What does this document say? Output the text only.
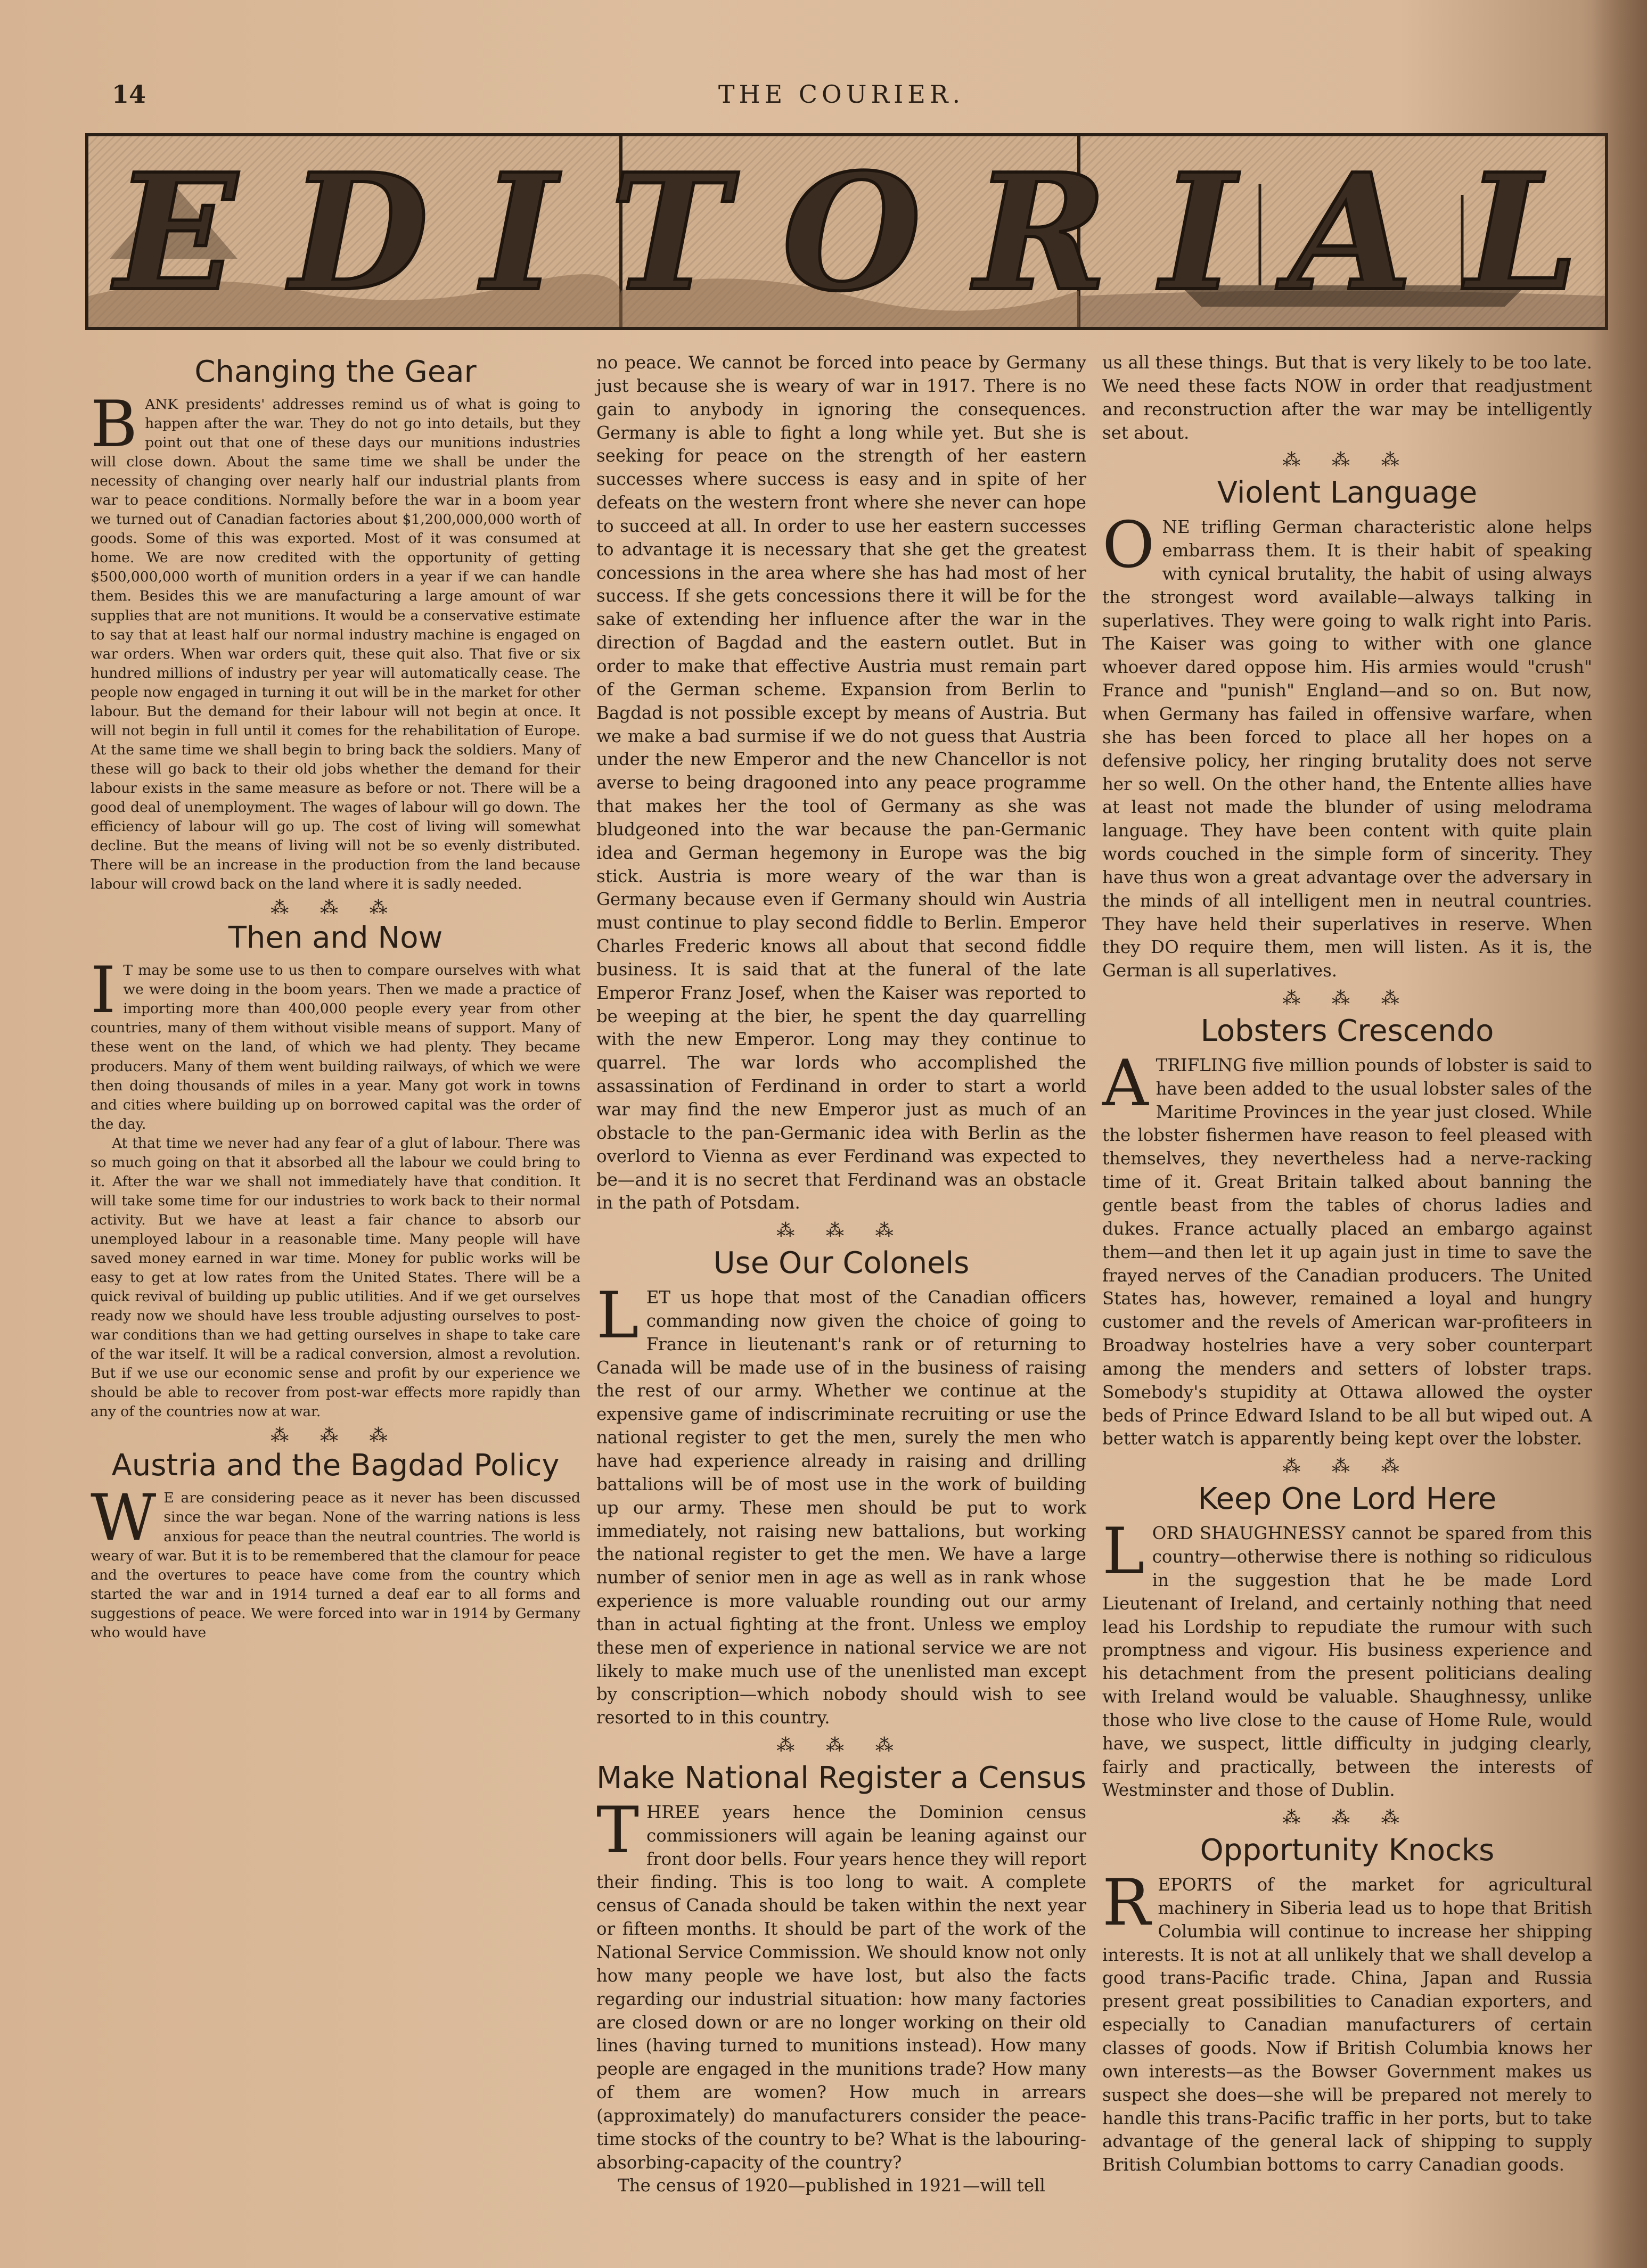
14	THE COURIER.
E D I T O R I A L
Changing the Gear

BANK presidents' addresses remind us of what is going to happen after the war. They do not go into details, but they point out that one of these days our munitions industries will close down. About the same time we shall be under the necessity of changing over nearly half our industrial plants from war to peace conditions. Normally before the war in a boom year we turned out of Canadian factories about $1,200,000,000 worth of goods. Some of this was exported. Most of it was consumed at home. We are now credited with the opportunity of getting $500,000,000 worth of munition orders in a year if we can handle them. Besides this we are manufacturing a large amount of war supplies that are not munitions. It would be a conservative estimate to say that at least half our normal industry machine is engaged on war orders. When war orders quit, these quit also. That five or six hundred millions of industry per year will automatically cease. The people now engaged in turning it out will be in the market for other labour. But the demand for their labour will not begin at once. It will not begin in full until it comes for the rehabilitation of Europe. At the same time we shall begin to bring back the soldiers. Many of these will go back to their old jobs whether the demand for their labour exists in the same measure as before or not. There will be a good deal of unemployment. The wages of labour will go down. The efficiency of labour will go up. The cost of living will somewhat decline. But the means of living will not be so evenly distributed. There will be an increase in the production from the land because labour will crowd back on the land where it is sadly needed.

⁂ ⁂ ⁂
Then and Now

I T may be some use to us then to compare ourselves with what we were doing in the boom years. Then we made a practice of importing more than 400,000 people every year from other countries, many of them without visible means of support. Many of these went on the land, of which we had plenty. They became producers. Many of them went building railways, of which we were then doing thousands of miles in a year. Many got work in towns and cities where building up on borrowed capital was the order of the day.

At that time we never had any fear of a glut of labour. There was so much going on that it absorbed all the labour we could bring to it. After the war we shall not immediately have that condition. It will take some time for our industries to work back to their normal activity. But we have at least a fair chance to absorb our unemployed labour in a reasonable time. Many people will have saved money earned in war time. Money for public works will be easy to get at low rates from the United States. There will be a quick revival of building up public utilities. And if we get ourselves ready now we should have less trouble adjusting ourselves to post-war conditions than we had getting ourselves in shape to take care of the war itself. It will be a radical conversion, almost a revolution. But if we use our economic sense and profit by our experience we should be able to recover from post-war effects more rapidly than any of the countries now at war.

⁂ ⁂ ⁂
Austria and the Bagdad Policy

W E are considering peace as it never has been discussed since the war began. None of the warring nations is less anxious for peace than the neutral countries. The world is weary of war. But it is to be remembered that the clamour for peace and the overtures to peace have come from the country which started the war and in 1914 turned a deaf ear to all forms and suggestions of peace. We were forced into war in 1914 by Germany who would have

no peace. We cannot be forced into peace by Germany just because she is weary of war in 1917. There is no gain to anybody in ignoring the consequences. Germany is able to fight a long while yet. But she is seeking for peace on the strength of her eastern successes where success is easy and in spite of her defeats on the western front where she never can hope to succeed at all. In order to use her eastern successes to advantage it is necessary that she get the greatest concessions in the area where she has had most of her success. If she gets concessions there it will be for the sake of extending her influence after the war in the direction of Bagdad and the eastern outlet. But in order to make that effective Austria must remain part of the German scheme. Expansion from Berlin to Bagdad is not possible except by means of Austria. But we make a bad surmise if we do not guess that Austria under the new Emperor and the new Chancellor is not averse to being dragooned into any peace programme that makes her the tool of Germany as she was bludgeoned into the war because the pan-Germanic idea and German hegemony in Europe was the big stick. Austria is more weary of the war than is Germany because even if Germany should win Austria must continue to play second fiddle to Berlin. Emperor Charles Frederic knows all about that second fiddle business. It is said that at the funeral of the late Emperor Franz Josef, when the Kaiser was reported to be weeping at the bier, he spent the day quarrelling with the new Emperor. Long may they continue to quarrel. The war lords who accomplished the assassination of Ferdinand in order to start a world war may find the new Emperor just as much of an obstacle to the pan-Germanic idea with Berlin as the overlord to Vienna as ever Ferdinand was expected to be—and it is no secret that Ferdinand was an obstacle in the path of Potsdam.

⁂ ⁂ ⁂
Use Our Colonels

LET us hope that most of the Canadian officers commanding now given the choice of going to France in lieutenant's rank or of returning to Canada will be made use of in the business of raising the rest of our army. Whether we continue at the expensive game of indiscriminate recruiting or use the national register to get the men, surely the men who have had experience already in raising and drilling battalions will be of most use in the work of building up our army. These men should be put to work immediately, not raising new battalions, but working the national register to get the men. We have a large number of senior men in age as well as in rank whose experience is more valuable rounding out our army than in actual fighting at the front. Unless we employ these men of experience in national service we are not likely to make much use of the unenlisted man except by conscription—which nobody should wish to see resorted to in this country.

⁂ ⁂ ⁂
Make National Register a Census

THREE years hence the Dominion census commissioners will again be leaning against our front door bells. Four years hence they will report their finding. This is too long to wait. A complete census of Canada should be taken within the next year or fifteen months. It should be part of the work of the National Service Commission. We should know not only how many people we have lost, but also the facts regarding our industrial situation: how many factories are closed down or are no longer working on their old lines (having turned to munitions instead). How many people are engaged in the munitions trade? How many of them are women? How much in arrears (approximately) do manufacturers consider the peace-time stocks of the country to be? What is the labouring-absorbing-capacity of the country?

The census of 1920—published in 1921—will tell

us all these things. But that is very likely to be too late. We need these facts NOW in order that readjustment and reconstruction after the war may be intelligently set about.

⁂ ⁂ ⁂
Violent Language

ONE trifling German characteristic alone helps embarrass them. It is their habit of speaking with cynical brutality, the habit of using always the strongest word available—always talking in superlatives. They were going to walk right into Paris. The Kaiser was going to wither with one glance whoever dared oppose him. His armies would "crush" France and "punish" England—and so on. But now, when Germany has failed in offensive warfare, when she has been forced to place all her hopes on a defensive policy, her ringing brutality does not serve her so well. On the other hand, the Entente allies have at least not made the blunder of using melodrama language. They have been content with quite plain words couched in the simple form of sincerity. They have thus won a great advantage over the adversary in the minds of all intelligent men in neutral countries. They have held their superlatives in reserve. When they DO require them, men will listen. As it is, the German is all superlatives.

⁂ ⁂ ⁂
Lobsters Crescendo

ATRIFLING five million pounds of lobster is said to have been added to the usual lobster sales of the Maritime Provinces in the year just closed. While the lobster fishermen have reason to feel pleased with themselves, they nevertheless had a nerve-racking time of it. Great Britain talked about banning the gentle beast from the tables of chorus ladies and dukes. France actually placed an embargo against them—and then let it up again just in time to save the frayed nerves of the Canadian producers. The United States has, however, remained a loyal and hungry customer and the revels of American war-profiteers in Broadway hostelries have a very sober counterpart among the menders and setters of lobster traps. Somebody's stupidity at Ottawa allowed the oyster beds of Prince Edward Island to be all but wiped out. A better watch is apparently being kept over the lobster.

⁂ ⁂ ⁂
Keep One Lord Here

LORD SHAUGHNESSY cannot be spared from this country—otherwise there is nothing so ridiculous in the suggestion that he be made Lord Lieutenant of Ireland, and certainly nothing that need lead his Lordship to repudiate the rumour with such promptness and vigour. His business experience and his detachment from the present politicians dealing with Ireland would be valuable. Shaughnessy, unlike those who live close to the cause of Home Rule, would have, we suspect, little difficulty in judging clearly, fairly and practically, between the interests of Westminster and those of Dublin.

⁂ ⁂ ⁂
Opportunity Knocks

REPORTS of the market for agricultural machinery in Siberia lead us to hope that British Columbia will continue to increase her shipping interests. It is not at all unlikely that we shall develop a good trans-Pacific trade. China, Japan and Russia present great possibilities to Canadian exporters, and especially to Canadian manufacturers of certain classes of goods. Now if British Columbia knows her own interests—as the Bowser Government makes us suspect she does—she will be prepared not merely to handle this trans-Pacific traffic in her ports, but to take advantage of the general lack of shipping to supply British Columbian bottoms to carry Canadian goods.
